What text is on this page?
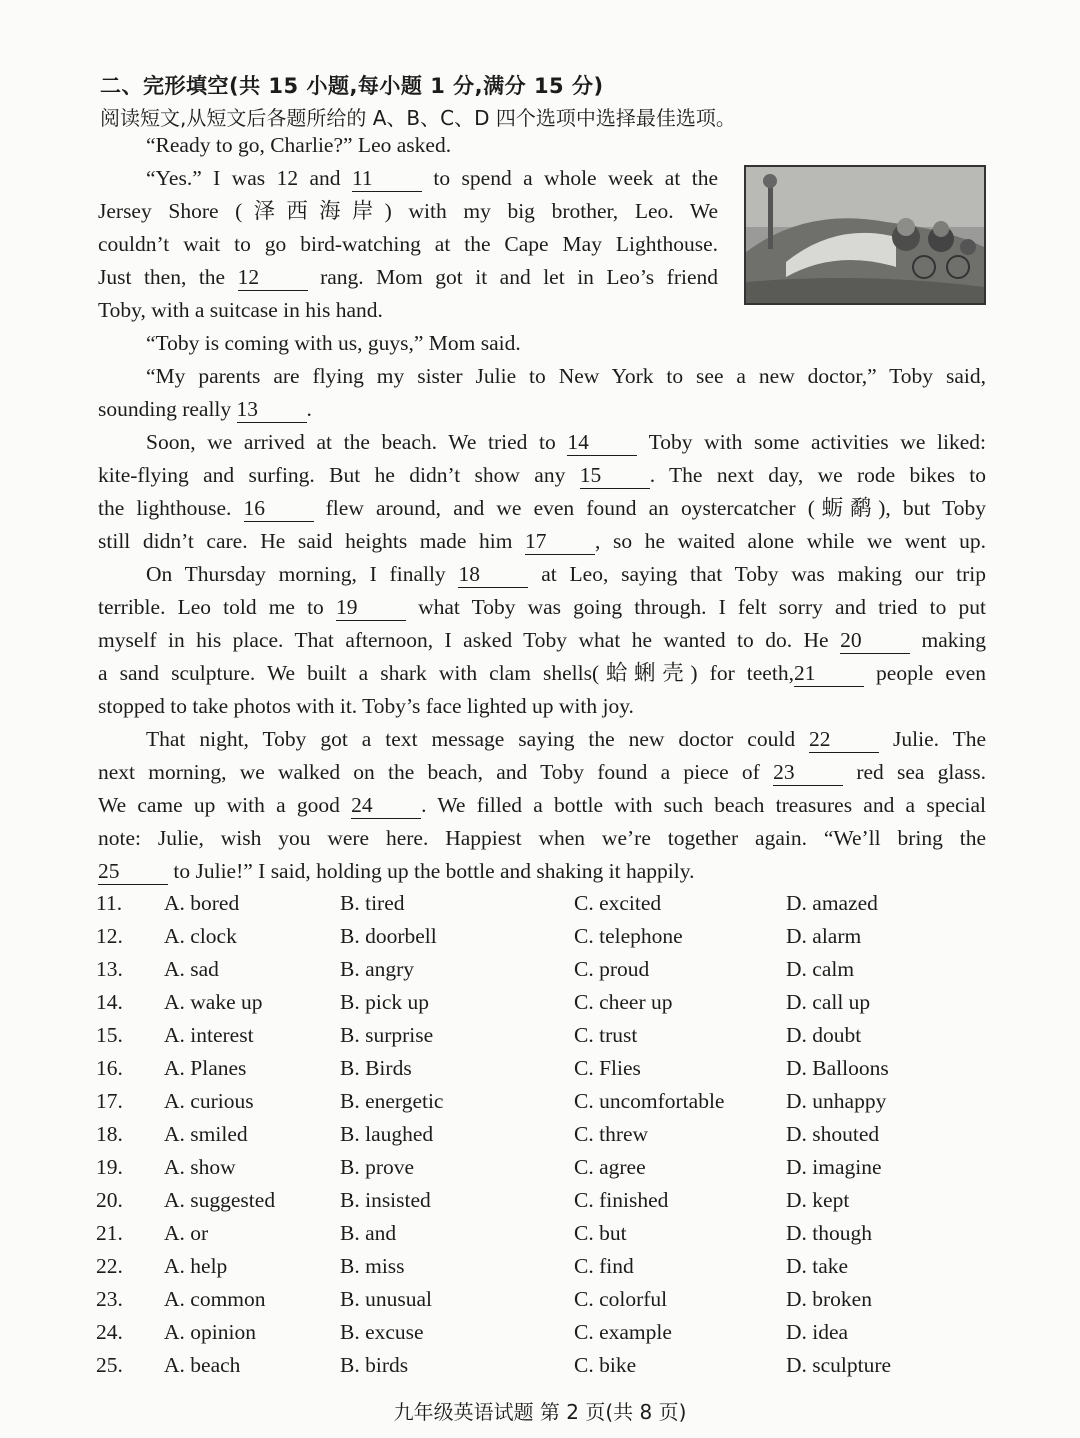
二、完形填空(共 15 小题,每小题 1 分,满分 15 分)
阅读短文,从短文后各题所给的 A、B、C、D 四个选项中选择最佳选项。
“Ready to go, Charlie?” Leo asked.
“Yes.” I was 12 and 11	to spend a whole week at the
Jersey Shore (泽西海岸) with my big brother, Leo. We
couldn’t wait to go bird-watching at the Cape May Lighthouse.
Just then, the 12	rang. Mom got it and let in Leo’s friend
Toby, with a suitcase in his hand.
“Toby is coming with us, guys,” Mom said.
“My parents are flying my sister Julie to New York to see a new doctor,” Toby said,
sounding really 13 .
Soon, we arrived at the beach. We tried to 14	Toby with some activities we liked:
kite-flying and surfing. But he didn’t show any 15 . The next day, we rode bikes to
the lighthouse. 16	flew around, and we even found an oystercatcher (蛎鹬), but Toby
still didn’t care. He said heights made him 17 , so he waited alone while we went up.
On Thursday morning, I finally 18	at Leo, saying that Toby was making our trip
terrible. Leo told me to 19	what Toby was going through. I felt sorry and tried to put
myself in his place. That afternoon, I asked Toby what he wanted to do. He 20	making
a sand sculpture. We built a shark with clam shells(蛤蜊壳) for teeth,21	people even
stopped to take photos with it. Toby’s face lighted up with joy.
That night, Toby got a text message saying the new doctor could 22	Julie. The
next morning, we walked on the beach, and Toby found a piece of 23	red sea glass.
We came up with a good 24 . We filled a bottle with such beach treasures and a special
note: Julie, wish you were here. Happiest when we’re together again. “We’ll bring the
25	to Julie!” I said, holding up the bottle and shaking it happily.
11.	A. bored	B. tired	C. excited	D. amazed
12.	A. clock	B. doorbell	C. telephone	D. alarm
13.	A. sad	B. angry	C. proud	D. calm
14.	A. wake up	B. pick up	C. cheer up	D. call up
15.	A. interest	B. surprise	C. trust	D. doubt
16.	A. Planes	B. Birds	C. Flies	D. Balloons
17.	A. curious	B. energetic	C. uncomfortable	D. unhappy
18.	A. smiled	B. laughed	C. threw	D. shouted
19.	A. show	B. prove	C. agree	D. imagine
20.	A. suggested	B. insisted	C. finished	D. kept
21.	A. or	B. and	C. but	D. though
22.	A. help	B. miss	C. find	D. take
23.	A. common	B. unusual	C. colorful	D. broken
24.	A. opinion	B. excuse	C. example	D. idea
25.	A. beach	B. birds	C. bike	D. sculpture
九年级英语试题 第 2 页(共 8 页)
